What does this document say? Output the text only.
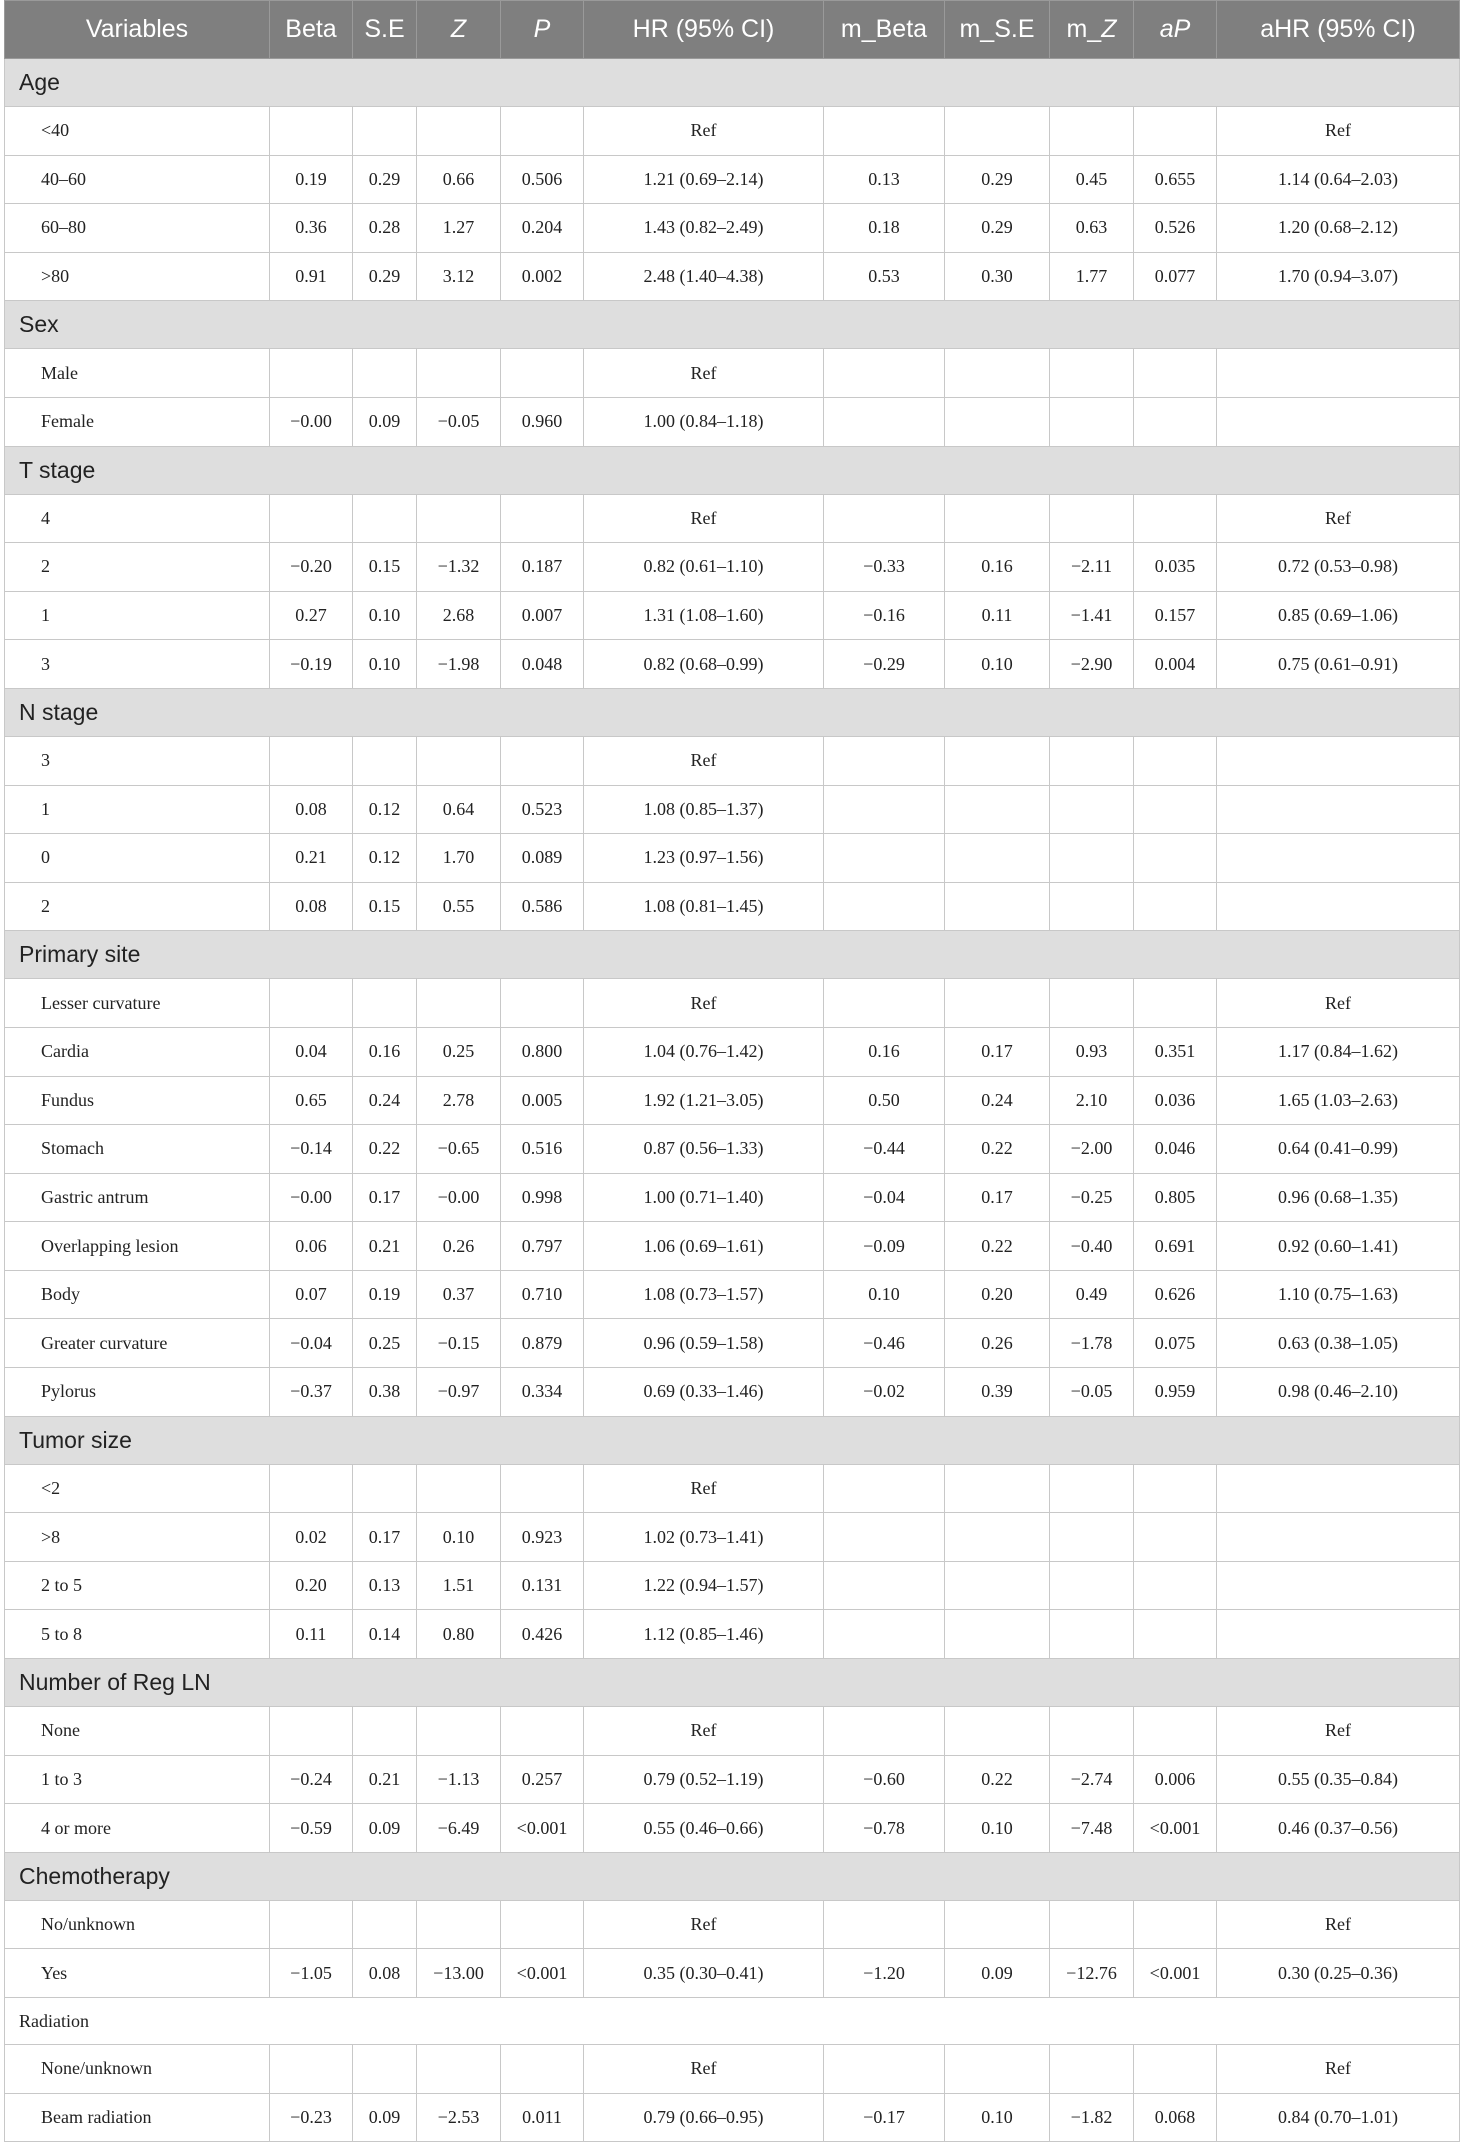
Variables	Beta	S.E	Z	P	HR (95% CI)	m_Beta	m_S.E	m_Z	aP	aHR (95% CI)
Age										
<40					Ref					Ref
40–60	0.19	0.29	0.66	0.506	1.21 (0.69–2.14)	0.13	0.29	0.45	0.655	1.14 (0.64–2.03)
60–80	0.36	0.28	1.27	0.204	1.43 (0.82–2.49)	0.18	0.29	0.63	0.526	1.20 (0.68–2.12)
>80	0.91	0.29	3.12	0.002	2.48 (1.40–4.38)	0.53	0.30	1.77	0.077	1.70 (0.94–3.07)
Sex										
Male					Ref					
Female	−0.00	0.09	−0.05	0.960	1.00 (0.84–1.18)					
T stage										
4					Ref					Ref
2	−0.20	0.15	−1.32	0.187	0.82 (0.61–1.10)	−0.33	0.16	−2.11	0.035	0.72 (0.53–0.98)
1	0.27	0.10	2.68	0.007	1.31 (1.08–1.60)	−0.16	0.11	−1.41	0.157	0.85 (0.69–1.06)
3	−0.19	0.10	−1.98	0.048	0.82 (0.68–0.99)	−0.29	0.10	−2.90	0.004	0.75 (0.61–0.91)
N stage										
3					Ref					
1	0.08	0.12	0.64	0.523	1.08 (0.85–1.37)					
0	0.21	0.12	1.70	0.089	1.23 (0.97–1.56)					
2	0.08	0.15	0.55	0.586	1.08 (0.81–1.45)					
Primary site										
Lesser curvature					Ref					Ref
Cardia	0.04	0.16	0.25	0.800	1.04 (0.76–1.42)	0.16	0.17	0.93	0.351	1.17 (0.84–1.62)
Fundus	0.65	0.24	2.78	0.005	1.92 (1.21–3.05)	0.50	0.24	2.10	0.036	1.65 (1.03–2.63)
Stomach	−0.14	0.22	−0.65	0.516	0.87 (0.56–1.33)	−0.44	0.22	−2.00	0.046	0.64 (0.41–0.99)
Gastric antrum	−0.00	0.17	−0.00	0.998	1.00 (0.71–1.40)	−0.04	0.17	−0.25	0.805	0.96 (0.68–1.35)
Overlapping lesion	0.06	0.21	0.26	0.797	1.06 (0.69–1.61)	−0.09	0.22	−0.40	0.691	0.92 (0.60–1.41)
Body	0.07	0.19	0.37	0.710	1.08 (0.73–1.57)	0.10	0.20	0.49	0.626	1.10 (0.75–1.63)
Greater curvature	−0.04	0.25	−0.15	0.879	0.96 (0.59–1.58)	−0.46	0.26	−1.78	0.075	0.63 (0.38–1.05)
Pylorus	−0.37	0.38	−0.97	0.334	0.69 (0.33–1.46)	−0.02	0.39	−0.05	0.959	0.98 (0.46–2.10)
Tumor size										
<2					Ref					
>8	0.02	0.17	0.10	0.923	1.02 (0.73–1.41)					
2 to 5	0.20	0.13	1.51	0.131	1.22 (0.94–1.57)					
5 to 8	0.11	0.14	0.80	0.426	1.12 (0.85–1.46)					
Number of Reg LN										
None					Ref					Ref
1 to 3	−0.24	0.21	−1.13	0.257	0.79 (0.52–1.19)	−0.60	0.22	−2.74	0.006	0.55 (0.35–0.84)
4 or more	−0.59	0.09	−6.49	<0.001	0.55 (0.46–0.66)	−0.78	0.10	−7.48	<0.001	0.46 (0.37–0.56)
Chemotherapy										
No/unknown					Ref					Ref
Yes	−1.05	0.08	−13.00	<0.001	0.35 (0.30–0.41)	−1.20	0.09	−12.76	<0.001	0.30 (0.25–0.36)
Radiation										
None/unknown					Ref					Ref
Beam radiation	−0.23	0.09	−2.53	0.011	0.79 (0.66–0.95)	−0.17	0.10	−1.82	0.068	0.84 (0.70–1.01)
